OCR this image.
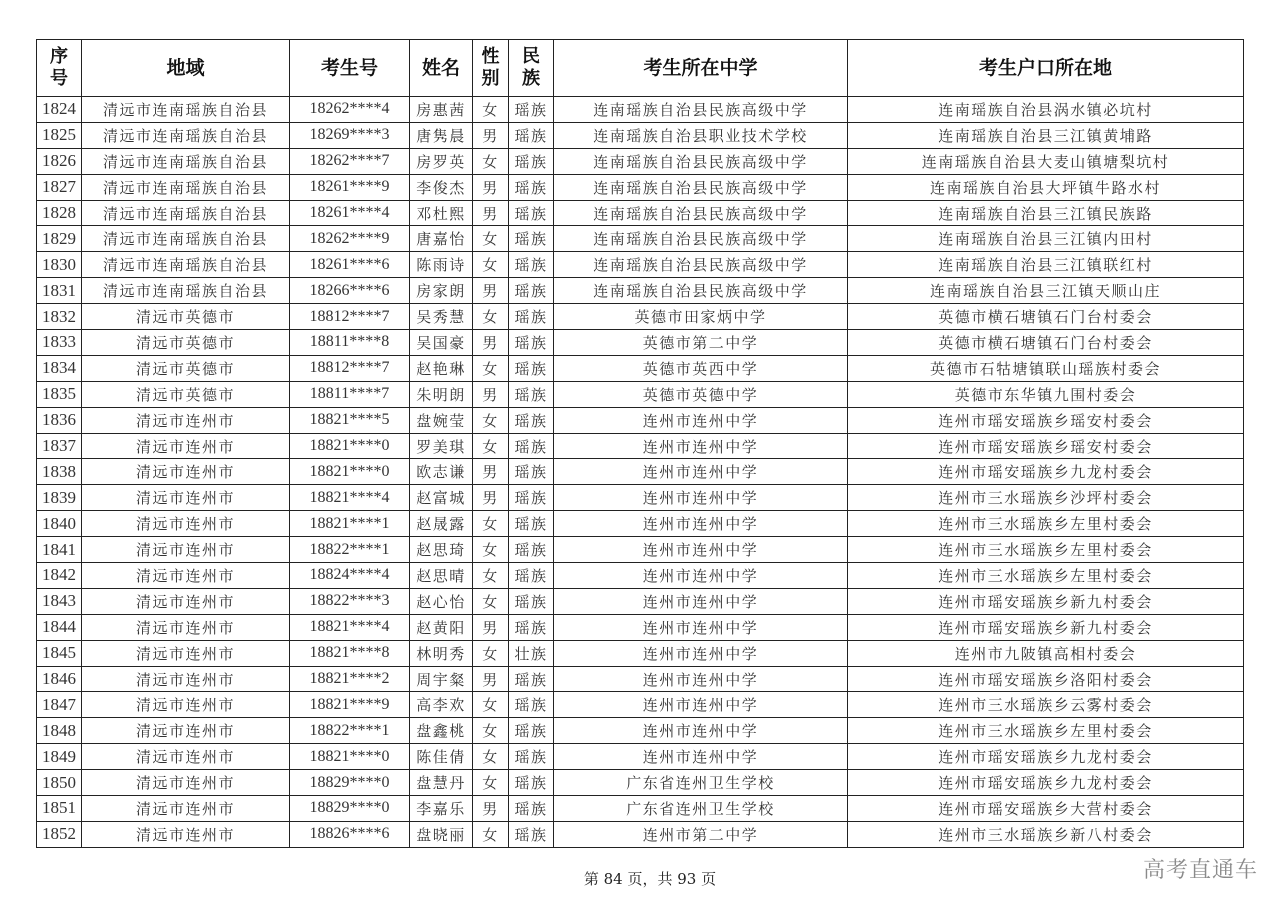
序号	地域	考生号	姓名	性别	民族	考生所在中学	考生户口所在地
1824	清远市连南瑶族自治县	18262****4	房惠茜	女	瑶族	连南瑶族自治县民族高级中学	连南瑶族自治县涡水镇必坑村
1825	清远市连南瑶族自治县	18269****3	唐隽晨	男	瑶族	连南瑶族自治县职业技术学校	连南瑶族自治县三江镇黄埔路
1826	清远市连南瑶族自治县	18262****7	房罗英	女	瑶族	连南瑶族自治县民族高级中学	连南瑶族自治县大麦山镇塘梨坑村
1827	清远市连南瑶族自治县	18261****9	李俊杰	男	瑶族	连南瑶族自治县民族高级中学	连南瑶族自治县大坪镇牛路水村
1828	清远市连南瑶族自治县	18261****4	邓杜熙	男	瑶族	连南瑶族自治县民族高级中学	连南瑶族自治县三江镇民族路
1829	清远市连南瑶族自治县	18262****9	唐嘉怡	女	瑶族	连南瑶族自治县民族高级中学	连南瑶族自治县三江镇内田村
1830	清远市连南瑶族自治县	18261****6	陈雨诗	女	瑶族	连南瑶族自治县民族高级中学	连南瑶族自治县三江镇联红村
1831	清远市连南瑶族自治县	18266****6	房家朗	男	瑶族	连南瑶族自治县民族高级中学	连南瑶族自治县三江镇天顺山庄
1832	清远市英德市	18812****7	吴秀慧	女	瑶族	英德市田家炳中学	英德市横石塘镇石门台村委会
1833	清远市英德市	18811****8	吴国豪	男	瑶族	英德市第二中学	英德市横石塘镇石门台村委会
1834	清远市英德市	18812****7	赵艳琳	女	瑶族	英德市英西中学	英德市石牯塘镇联山瑶族村委会
1835	清远市英德市	18811****7	朱明朗	男	瑶族	英德市英德中学	英德市东华镇九围村委会
1836	清远市连州市	18821****5	盘婉莹	女	瑶族	连州市连州中学	连州市瑶安瑶族乡瑶安村委会
1837	清远市连州市	18821****0	罗美琪	女	瑶族	连州市连州中学	连州市瑶安瑶族乡瑶安村委会
1838	清远市连州市	18821****0	欧志谦	男	瑶族	连州市连州中学	连州市瑶安瑶族乡九龙村委会
1839	清远市连州市	18821****4	赵富城	男	瑶族	连州市连州中学	连州市三水瑶族乡沙坪村委会
1840	清远市连州市	18821****1	赵晟露	女	瑶族	连州市连州中学	连州市三水瑶族乡左里村委会
1841	清远市连州市	18822****1	赵思琦	女	瑶族	连州市连州中学	连州市三水瑶族乡左里村委会
1842	清远市连州市	18824****4	赵思晴	女	瑶族	连州市连州中学	连州市三水瑶族乡左里村委会
1843	清远市连州市	18822****3	赵心怡	女	瑶族	连州市连州中学	连州市瑶安瑶族乡新九村委会
1844	清远市连州市	18821****4	赵黄阳	男	瑶族	连州市连州中学	连州市瑶安瑶族乡新九村委会
1845	清远市连州市	18821****8	林明秀	女	壮族	连州市连州中学	连州市九陂镇高相村委会
1846	清远市连州市	18821****2	周宇粲	男	瑶族	连州市连州中学	连州市瑶安瑶族乡洛阳村委会
1847	清远市连州市	18821****9	高李欢	女	瑶族	连州市连州中学	连州市三水瑶族乡云雾村委会
1848	清远市连州市	18822****1	盘鑫桃	女	瑶族	连州市连州中学	连州市三水瑶族乡左里村委会
1849	清远市连州市	18821****0	陈佳倩	女	瑶族	连州市连州中学	连州市瑶安瑶族乡九龙村委会
1850	清远市连州市	18829****0	盘慧丹	女	瑶族	广东省连州卫生学校	连州市瑶安瑶族乡九龙村委会
1851	清远市连州市	18829****0	李嘉乐	男	瑶族	广东省连州卫生学校	连州市瑶安瑶族乡大营村委会
1852	清远市连州市	18826****6	盘晓丽	女	瑶族	连州市第二中学	连州市三水瑶族乡新八村委会
第 84 页，共 93 页	高考直通车
